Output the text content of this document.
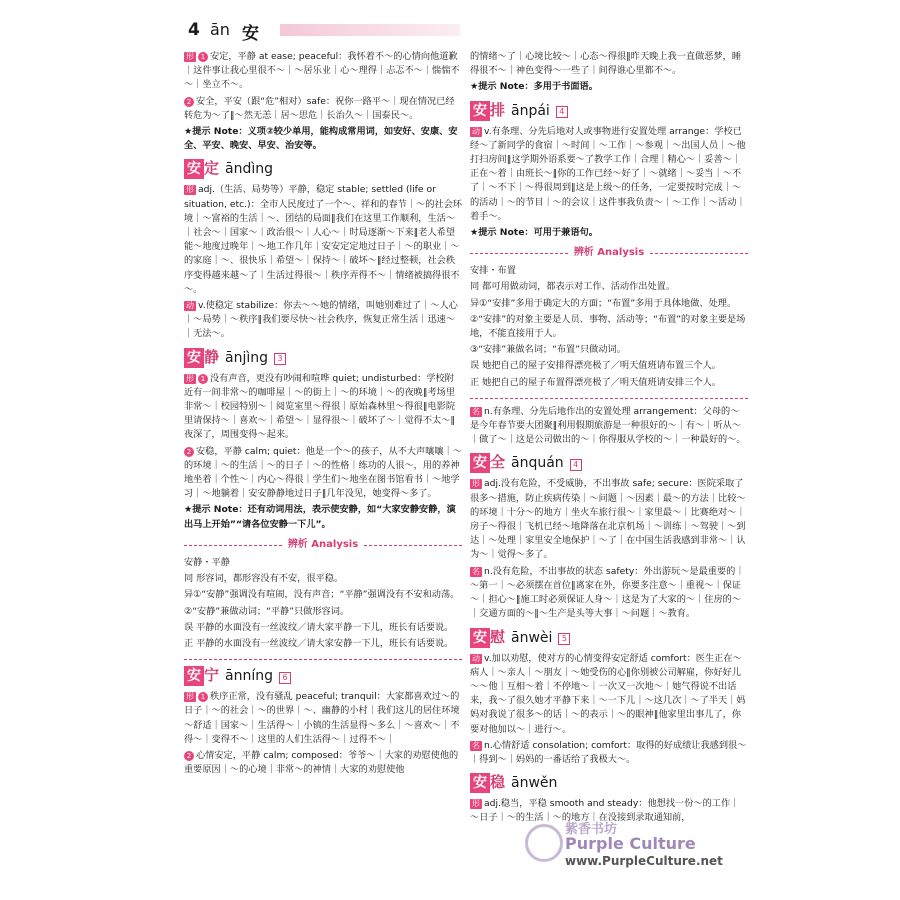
4 ān 安

形 1 安定，平静 at ease; peaceful：我怀着不～的心情向他道歉｜这件事让我心里很不～｜～居乐业｜心～理得｜忐忑不～｜惴惴不～｜坐立不～。

2 安全，平安（跟“危”相对）safe：祝你一路平～｜现在情况已经转危为～了‖～然无恙｜居～思危｜长治久～｜国泰民～。

★提示 Note：义项②较少单用，能构成常用词，如安好、安康、安全、平安、晚安、早安、治安等。

安 定 āndìng

形 adj.（生活、局势等）平静，稳定 stable; settled (life or situation, etc.)：全市人民度过了一个～、祥和的春节｜～的社会环境｜～富裕的生活｜～、团结的局面‖我们在这里工作顺利，生活～｜社会～｜国家～｜政治很～｜人心～｜时局逐渐～下来‖老人希望能～地度过晚年｜～地工作几年｜安安定定地过日子｜～的职业｜～的家庭｜～、很快乐｜希望～｜保持～｜破坏～‖经过整顿，社会秩序变得越来越～了｜生活过得很～｜秩序弄得不～｜情绪被搞得很不～。

动 v.使稳定 stabilize：你去～～她的情绪，叫她别难过了｜～人心｜～局势｜～秩序‖我们要尽快～社会秩序，恢复正常生活｜迅速～｜无法～。

安 静 ānjìng 3

形 1 没有声音，更没有吵闹和喧哗 quiet; undisturbed：学校附近有一间非常～的咖啡屋｜～的街上｜～的环境｜～的夜晚‖考场里非常～｜校园特别～｜阅览室里～得很｜原始森林里～得很‖电影院里请保持～｜喜欢～｜希望～｜显得很～｜破坏了～｜觉得不太～‖夜深了，周围变得～起来。

2 安稳，平静 calm; quiet：他是一个～的孩子，从不大声嚷嚷｜～的环境｜～的生活｜～的日子｜～的性格｜练功的人很～，用的养神地坐着｜个性～｜内心～得很｜学生们～地坐在图书馆看书｜～地学习｜～地躺着｜安安静静地过日子‖几年没见，她变得～多了。

★提示 Note：还有动词用法，表示使安静，如“大家安静安静，演出马上开始”“请各位安静一下儿”。

辨析 Analysis

安静・平静

同 形容词，都形容没有不安，很平稳。

异①“安静”强调没有喧闹，没有声音；“平静”强调没有不安和动荡。

②“安静”兼做动词；“平静”只做形容词。

误 平静的水面没有一丝波纹／请大家平静一下儿，班长有话要说。

正 平静的水面没有一丝波纹／请大家安静一下儿，班长有话要说。

安 宁 ānníng 6

形 1 秩序正常，没有骚乱 peaceful; tranquil：大家都喜欢过～的日子｜～的社会｜～的世界｜～、幽静的小村｜我们这儿的居住环境～舒适｜国家～｜生活得～｜小镇的生活显得～多么｜～喜欢～｜不得～｜变得不～｜这里的人们生活得～｜过得不～｜

2 心情安定，平静 calm; composed：爷爷～｜大家的劝慰使他的重要原因｜～的心境｜非常～的神情｜大家的劝慰使他

的情绪～了｜心境比较～｜心态～得很‖昨天晚上我一直做恶梦，睡得很不～｜神色变得～一些了｜间得谁心里都不～。

★提示 Note：多用于书面语。

安 排 ānpái 4

动 v.有条理、分先后地对人或事物进行安置处理 arrange：学校已经～了新同学的食宿｜～时间｜～工作｜～参观｜～出国人员｜～他打扫房间‖这学期外语系要～了教学工作｜合理｜精心～｜妥善～｜正在～着｜由班长～‖你的工作已经～好了｜～就绪｜～妥当｜～不了｜～不下｜～得很周到‖这是上级～的任务，一定要按时完成｜～的活动｜～的节目｜～的会议｜这件事我负责～｜～工作｜～活动｜着手～。

★提示 Note：可用于兼语句。

辨析 Analysis

安排・布置

同 都可用做动词，都表示对工作、活动作出处置。

异①“安排”多用于确定大的方面；“布置”多用于具体地做、处理。

②“安排”的对象主要是人员、事物、活动等；“布置”的对象主要是场地，不能直接用于人。

③“安排”兼做名词；“布置”只做动词。

误 她把自己的屋子安排得漂亮极了／明天值班请布置三个人。

正 她把自己的屋子布置得漂亮极了／明天值班请安排三个人。

名 n.有条理、分先后地作出的安置处理 arrangement：父母的～是今年春节要大团聚‖利用假期旅游是一种很好的～｜有～｜听从～｜做了～｜这是公司做出的～｜你得服从学校的～｜一种最好的～。

安 全 ānquán 4

形 adj.没有危险，不受威胁，不出事故 safe; secure：医院采取了很多～措施，防止疾病传染｜～问题｜～因素｜最～的方法｜比较～的环境｜十分～的地方｜坐火车旅行很～｜家里最～｜比赛绝对～｜房子～得很｜飞机已经～地降落在北京机场｜～训练｜～驾驶｜～到达｜～处理｜家里安全地保护｜～了｜在中国生活我感到非常～｜认为～｜觉得～多了。

名 n.没有危险，不出事故的状态 safety：外出游玩～是最重要的｜～第一｜～必须摆在首位‖离家在外，你要多注意～｜重视～｜保证～｜担心～‖施工时必须保证人身～｜这是为了大家的～｜住房的～｜交通方面的～‖～生产是头等大事｜～问题｜～教育。

安 慰 ānwèi 5

动 v.加以劝慰，使对方的心情变得安定舒适 comfort：医生正在～病人｜～亲人｜～朋友｜～她受伤的心‖你别被公司解雇，你好好儿～～他｜互相～着｜不停地～｜一次又一次地～｜她气得说不出话来，我～了很久她才平静下来｜～一下儿｜～这几次｜～了半天｜妈妈对我说了很多～的话｜～的表示｜～的眼神‖他家里出事儿了，你要对他加以～｜进行～。

名 n.心情舒适 consolation; comfort：取得的好成绩让我感到很～｜得到～｜妈妈的一番话给了我极大～。

安 稳 ānwěn

形 adj.稳当，平稳 smooth and steady：他想找一份～的工作｜～日子｜～的生活｜～的地方｜在没接到录取通知前，

紫香书坊
Purple Culture
www.PurpleCulture.net
